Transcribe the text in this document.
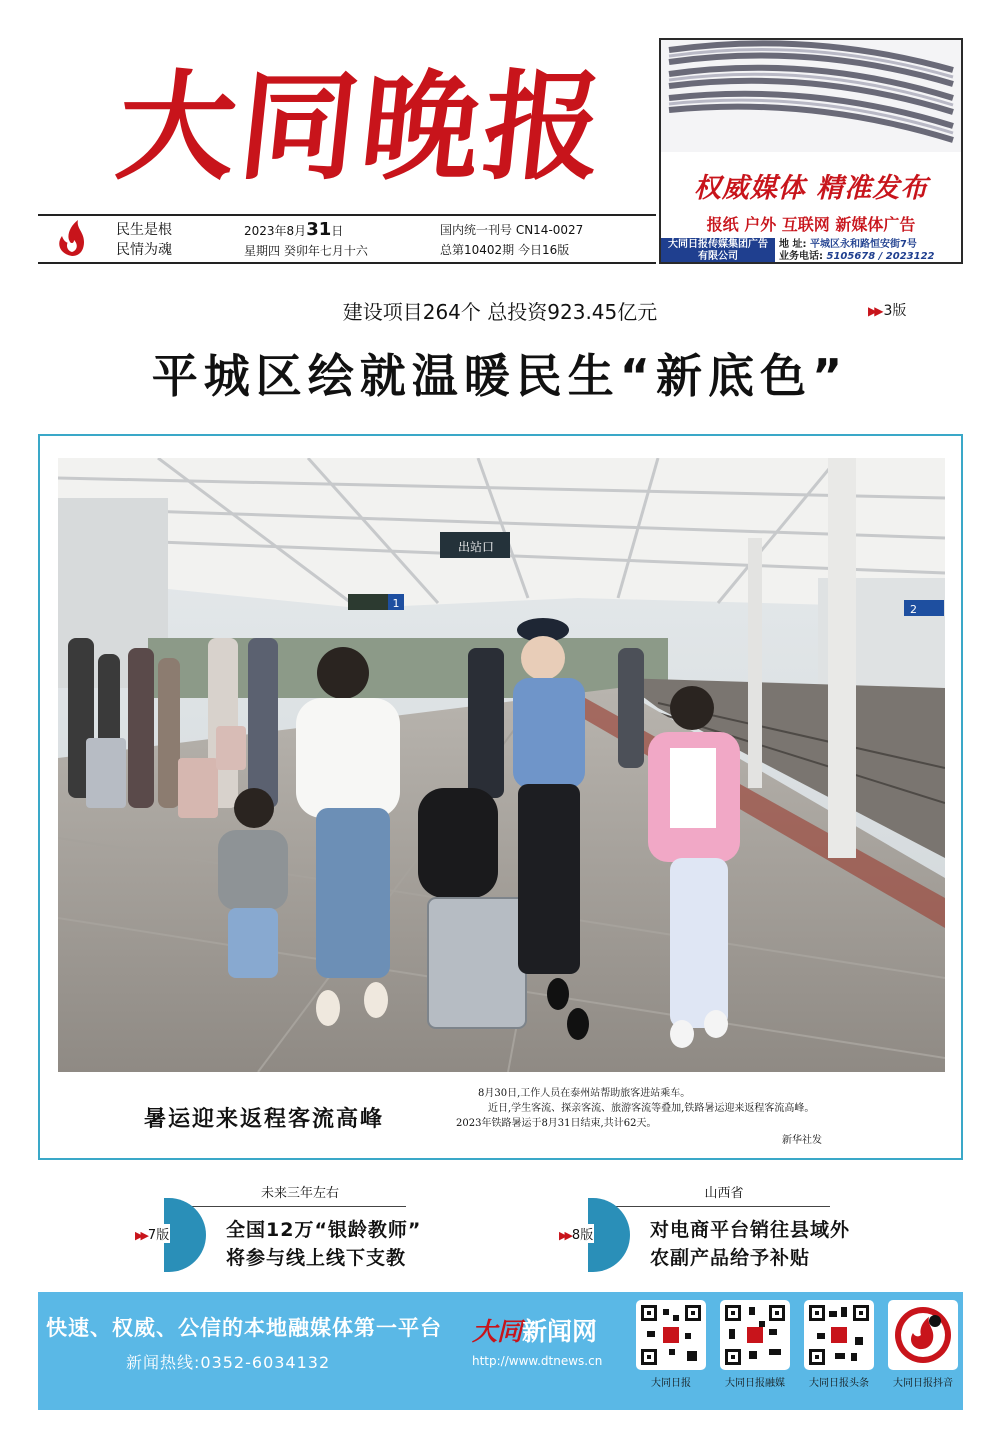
大同晚报	权威媒体 精准发布
报纸 户外 互联网 新媒体广告
大同日报传媒集团广告有限公司
地 址: 平城区永和路恒安街7号
业务电话: 5105678 / 2023122
民生是根
民情为魂
2023年8月31日
星期四 癸卯年七月十六
国内统一刊号 CN14-0027
总第10402期 今日16版
建设项目264个 总投资923.45亿元	▶▶ 3版
平城区绘就温暖民生“新底色”
出站口
1	2
暑运迎来返程客流高峰

8月30日,工作人员在泰州站帮助旅客进站乘车。

近日,学生客流、探亲客流、旅游客流等叠加,铁路暑运迎来返程客流高峰。

2023年铁路暑运于8月31日结束,共计62天。

新华社发
未来三年左右
▶▶ 7版	全国12万“银龄教师”
将参与线上线下支教
山西省
▶▶ 8版	对电商平台销往县域外
农副产品给予补贴
快速、权威、公信的本地融媒体第一平台
新闻热线:0352-6034132
大同新闻网
http://www.dtnews.cn
大同日报	大同日报融媒	大同日报头条	大同日报抖音
